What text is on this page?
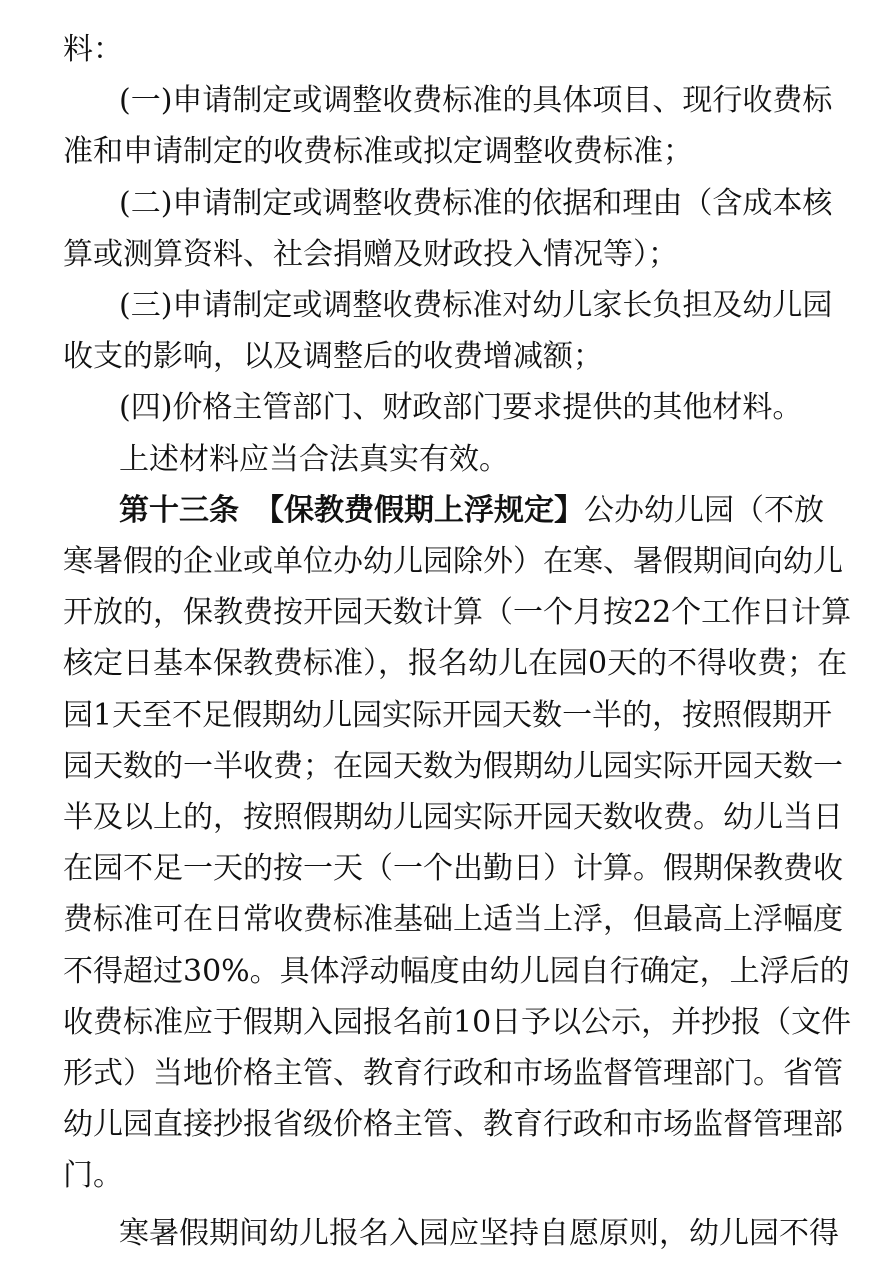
料：
(一)申请制定或调整收费标准的具体项目、现行收费标
准和申请制定的收费标准或拟定调整收费标准；
(二)申请制定或调整收费标准的依据和理由（含成本核
算或测算资料、社会捐赠及财政投入情况等）；
(三)申请制定或调整收费标准对幼儿家长负担及幼儿园
收支的影响，以及调整后的收费增减额；
(四)价格主管部门、财政部门要求提供的其他材料。
上述材料应当合法真实有效。
第十三条　【保教费假期上浮规定】公办幼儿园（不放
寒暑假的企业或单位办幼儿园除外）在寒、暑假期间向幼儿
开放的，保教费按开园天数计算（一个月按22个工作日计算
核定日基本保教费标准），报名幼儿在园0天的不得收费；在
园1天至不足假期幼儿园实际开园天数一半的，按照假期开
园天数的一半收费；在园天数为假期幼儿园实际开园天数一
半及以上的，按照假期幼儿园实际开园天数收费。幼儿当日
在园不足一天的按一天（一个出勤日）计算。假期保教费收
费标准可在日常收费标准基础上适当上浮，但最高上浮幅度
不得超过30%。具体浮动幅度由幼儿园自行确定，上浮后的
收费标准应于假期入园报名前10日予以公示，并抄报（文件
形式）当地价格主管、教育行政和市场监督管理部门。省管
幼儿园直接抄报省级价格主管、教育行政和市场监督管理部
门。
寒暑假期间幼儿报名入园应坚持自愿原则，幼儿园不得
